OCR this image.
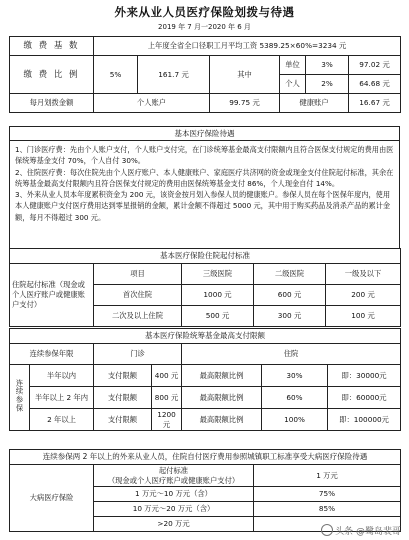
外来从业人员医疗保险划拨与待遇
2019 年 7 月一2020 年 6 月
缴 费 基 数	上年度全省全口径职工月平均工资 5389.25×60%=3234 元					
缴 费 比 例	5%	161.7 元	其中	单位	3%	97.02 元
				个人	2%	64.68 元
每月划拨金额	个人账户		99.75 元	健康账户		16.67 元
基本医疗保险待遇

1、门诊医疗费：先由个人账户支付，个人账户支付完，在门诊统筹基金最高支付限额内且符合医保支付规定的费用由医保统筹基金支付 70%，个人自付 30%。
2、住院医疗费：每次住院先由个人医疗账户、本人健康账户、家庭医疗共济网的资金或现金支付住院起付标准，其余在统筹基金最高支付限额内且符合医保支付规定的费用由医保统筹基金支付 86%，个人现金自付 14%。
3、外来从业人员本年度累积资金为 200 元，该资金按月划入参保人员的健康账户。参保人员在每个医保年度内，使用本人健康账户支付医疗费用达到零星报销的金额，累计金额不得超过 5000 元，其中用于购买药品及消杀产品的累计金额，每月不得超过 300 元。
基本医疗保险住院起付标准				
住院起付标准（现金或个人医疗账户或健康账户支付）	项目	三级医院	二级医院	一级及以下
	首次住院	1000 元	600 元	200 元
	二次及以上住院	500 元	300 元	100 元
基本医疗保险统筹基金最高支付限额						
连续参保年限		门诊		住院		
连续参保	半年以内	支付限额	400 元	最高限额比例	30%	即：30000元
	半年以上 2 年内	支付限额	800 元	最高限额比例	60%	即：60000元
	2 年以上	支付限额	1200 元	最高限额比例	100%	即：100000元
连续参保两 2 年以上的外来从业人员，住院自付医疗费用参照城镇职工标准享受大病医疗保险待遇		
大病医疗保险	起付标准
（现金或个人医疗账户或健康账户支付）	1 万元
	1 万元～10 万元（含）	75%
	10 万元～20 万元（含）	85%
	>20 万元	
头条 @鹭岛裴哥
